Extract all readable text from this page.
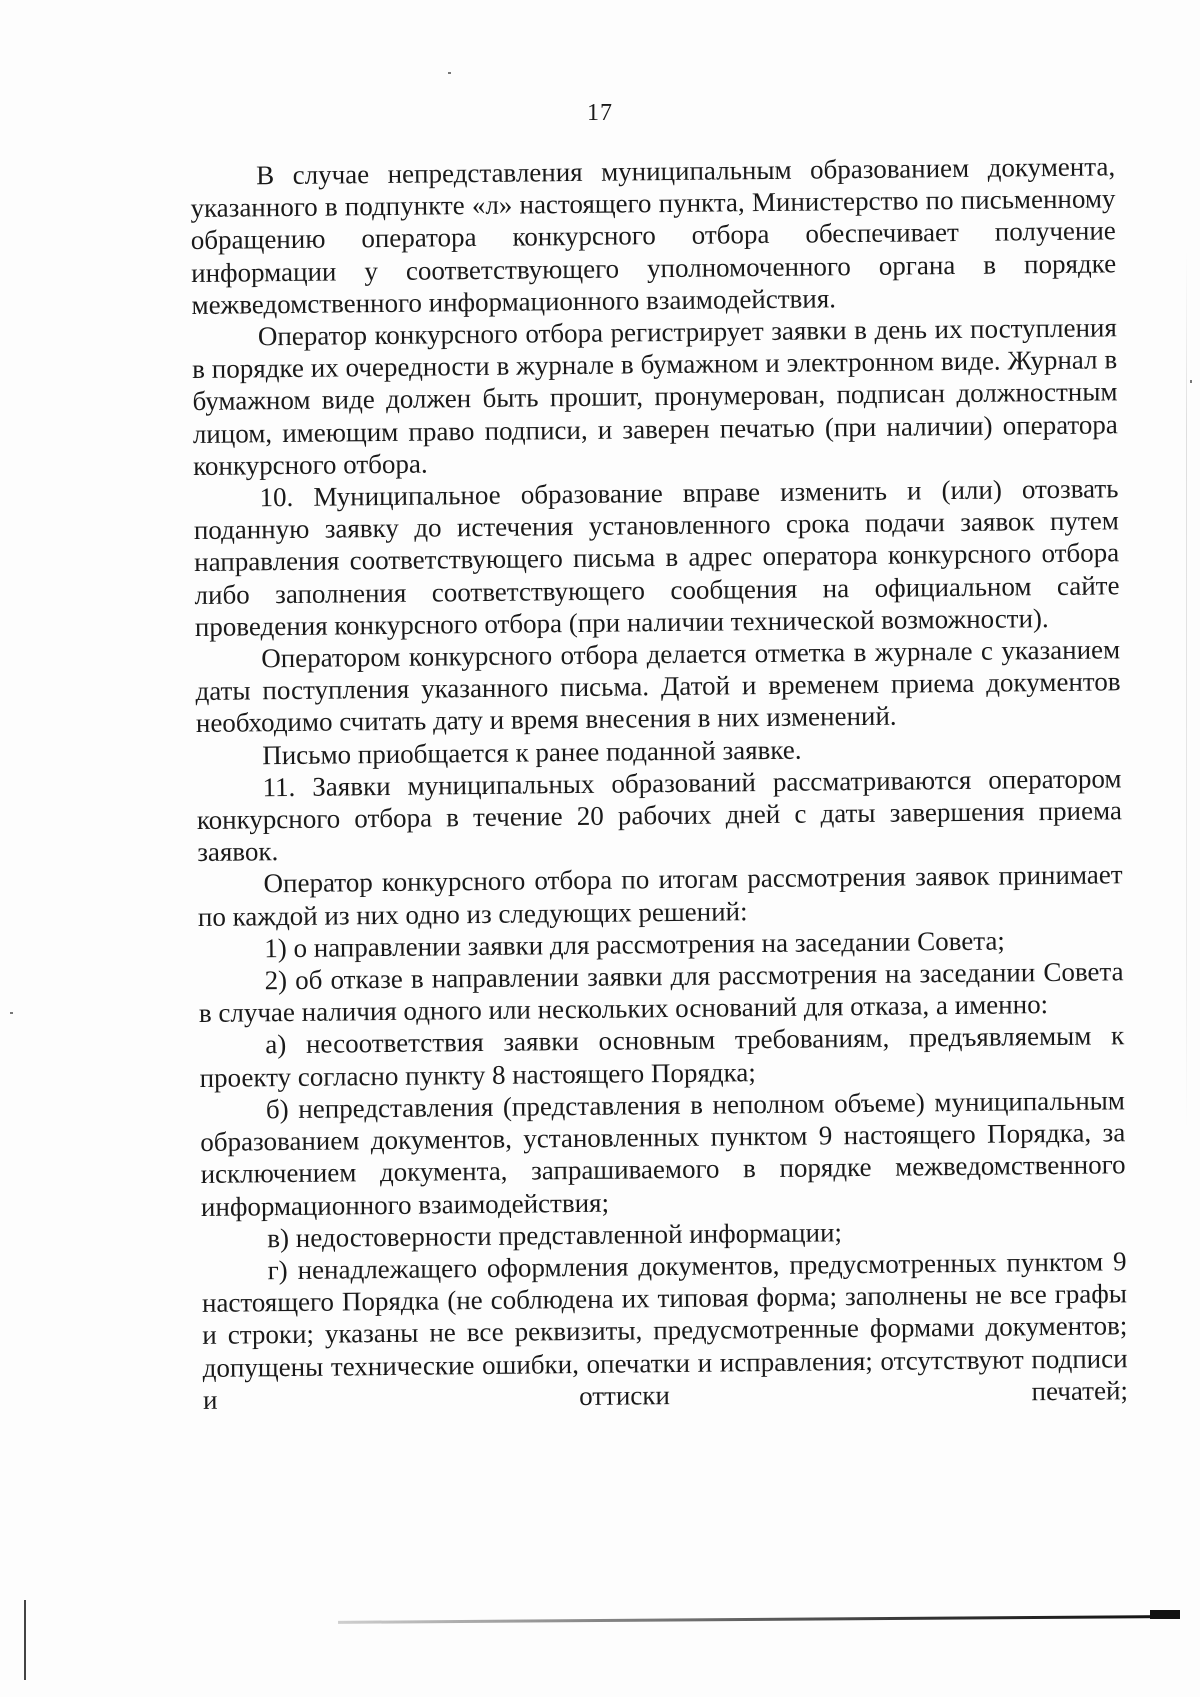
17

В случае непредставления муниципальным образованием документа, указанного в подпункте «л» настоящего пункта, Министерство по письменному обращению оператора конкурсного отбора обеспечивает получение информации у соответствующего уполномоченного органа в порядке межведомственного информационного взаимодействия.

Оператор конкурсного отбора регистрирует заявки в день их поступления в порядке их очередности в журнале в бумажном и электронном виде. Журнал в бумажном виде должен быть прошит, пронумерован, подписан должностным лицом, имеющим право подписи, и заверен печатью (при наличии) оператора конкурсного отбора.

10. Муниципальное образование вправе изменить и (или) отозвать поданную заявку до истечения установленного срока подачи заявок путем направления соответствующего письма в адрес оператора конкурсного отбора либо заполнения соответствующего сообщения на официальном сайте проведения конкурсного отбора (при наличии технической возможности).

Оператором конкурсного отбора делается отметка в журнале с указанием даты поступления указанного письма. Датой и временем приема документов необходимо считать дату и время внесения в них изменений.

Письмо приобщается к ранее поданной заявке.

11. Заявки муниципальных образований рассматриваются оператором конкурсного отбора в течение 20 рабочих дней с даты завершения приема заявок.

Оператор конкурсного отбора по итогам рассмотрения заявок принимает по каждой из них одно из следующих решений:

1) о направлении заявки для рассмотрения на заседании Совета;

2) об отказе в направлении заявки для рассмотрения на заседании Совета в случае наличия одного или нескольких оснований для отказа, а именно:

а) несоответствия заявки основным требованиям, предъявляемым к проекту согласно пункту 8 настоящего Порядка;

б) непредставления (представления в неполном объеме) муниципальным образованием документов, установленных пунктом 9 настоящего Порядка, за исключением документа, запрашиваемого в порядке межведомственного информационного взаимодействия;

в) недостоверности представленной информации;

г) ненадлежащего оформления документов, предусмотренных пунктом 9 настоящего Порядка (не соблюдена их типовая форма; заполнены не все графы и строки; указаны не все реквизиты, предусмотренные формами документов; допущены технические ошибки, опечатки и исправления; отсутствуют подписи и оттиски печатей;
